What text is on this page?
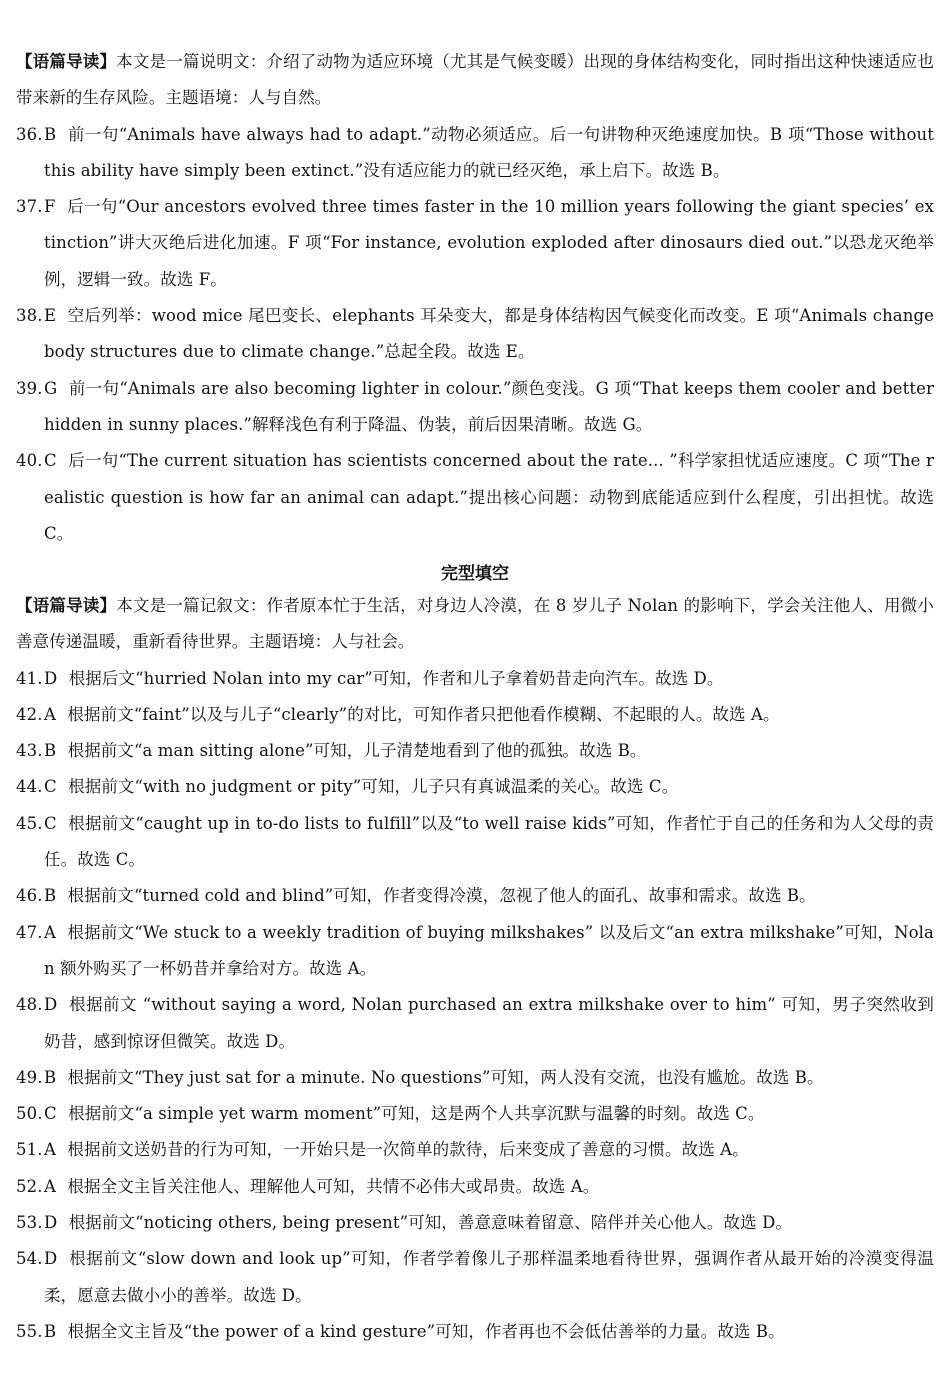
【语篇导读】本文是一篇说明文：介绍了动物为适应环境（尤其是气候变暖）出现的身体结构变化，同时指出这种快速适应也带来新的生存风险。主题语境：人与自然。

36.B 前一句“Animals have always had to adapt.”动物必须适应。后一句讲物种灭绝速度加快。B 项“Those without this ability have simply been extinct.”没有适应能力的就已经灭绝，承上启下。故选 B。

37.F 后一句“Our ancestors evolved three times faster in the 10 million years following the giant species’ extinction”讲大灭绝后进化加速。F 项“For instance, evolution exploded after dinosaurs died out.”以恐龙灭绝举例，逻辑一致。故选 F。

38.E 空后列举：wood mice 尾巴变长、elephants 耳朵变大，都是身体结构因气候变化而改变。E 项“Animals change body structures due to climate change.”总起全段。故选 E。

39.G 前一句“Animals are also becoming lighter in colour.”颜色变浅。G 项“That keeps them cooler and better hidden in sunny places.”解释浅色有利于降温、伪装，前后因果清晰。故选 G。

40.C 后一句“The current situation has scientists concerned about the rate... ”科学家担忧适应速度。C 项“The realistic question is how far an animal can adapt.”提出核心问题：动物到底能适应到什么程度，引出担忧。故选 C。

完型填空

【语篇导读】本文是一篇记叙文：作者原本忙于生活，对身边人冷漠，在 8 岁儿子 Nolan 的影响下，学会关注他人、用微小善意传递温暖，重新看待世界。主题语境：人与社会。

41.D 根据后文“hurried Nolan into my car”可知，作者和儿子拿着奶昔走向汽车。故选 D。

42.A 根据前文“faint”以及与儿子“clearly”的对比，可知作者只把他看作模糊、不起眼的人。故选 A。

43.B 根据前文“a man sitting alone”可知，儿子清楚地看到了他的孤独。故选 B。

44.C 根据前文“with no judgment or pity”可知，儿子只有真诚温柔的关心。故选 C。

45.C 根据前文“caught up in to-do lists to fulfill”以及“to well raise kids”可知，作者忙于自己的任务和为人父母的责任。故选 C。

46.B 根据前文“turned cold and blind”可知，作者变得冷漠，忽视了他人的面孔、故事和需求。故选 B。

47.A 根据前文“We stuck to a weekly tradition of buying milkshakes” 以及后文“an extra milkshake”可知，Nolan 额外购买了一杯奶昔并拿给对方。故选 A。

48.D 根据前文 “without saying a word, Nolan purchased an extra milkshake over to him” 可知，男子突然收到奶昔，感到惊讶但微笑。故选 D。

49.B 根据前文“They just sat for a minute. No questions”可知，两人没有交流，也没有尴尬。故选 B。

50.C 根据前文“a simple yet warm moment”可知，这是两个人共享沉默与温馨的时刻。故选 C。

51.A 根据前文送奶昔的行为可知，一开始只是一次简单的款待，后来变成了善意的习惯。故选 A。

52.A 根据全文主旨关注他人、理解他人可知，共情不必伟大或昂贵。故选 A。

53.D 根据前文“noticing others, being present”可知，善意意味着留意、陪伴并关心他人。故选 D。

54.D 根据前文“slow down and look up”可知，作者学着像儿子那样温柔地看待世界，强调作者从最开始的冷漠变得温柔，愿意去做小小的善举。故选 D。

55.B 根据全文主旨及“the power of a kind gesture”可知，作者再也不会低估善举的力量。故选 B。
